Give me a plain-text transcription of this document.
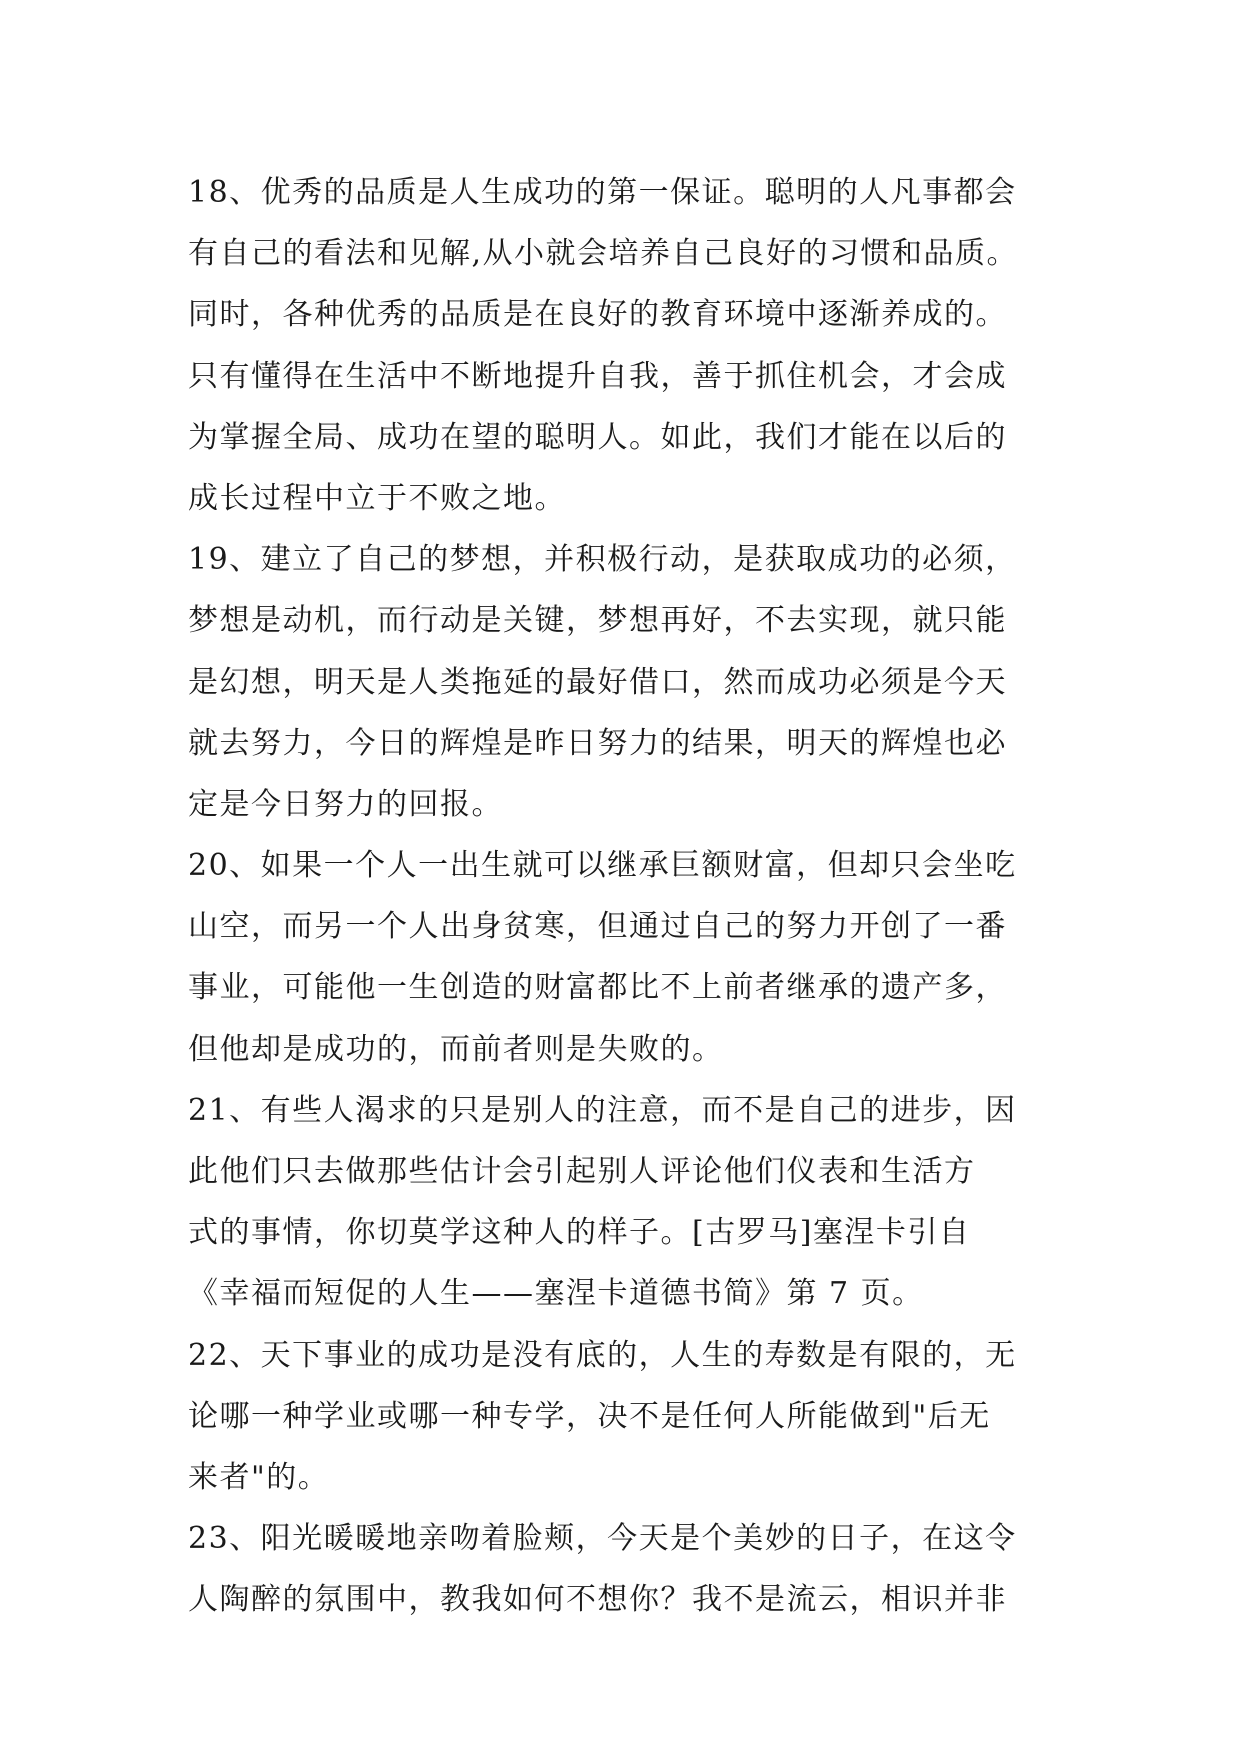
18、优秀的品质是人生成功的第一保证。聪明的人凡事都会
有自己的看法和见解,从小就会培养自己良好的习惯和品质。
同时，各种优秀的品质是在良好的教育环境中逐渐养成的。
只有懂得在生活中不断地提升自我，善于抓住机会，才会成
为掌握全局、成功在望的聪明人。如此，我们才能在以后的
成长过程中立于不败之地。
19、建立了自己的梦想，并积极行动，是获取成功的必须，
梦想是动机，而行动是关键，梦想再好，不去实现，就只能
是幻想，明天是人类拖延的最好借口，然而成功必须是今天
就去努力，今日的辉煌是昨日努力的结果，明天的辉煌也必
定是今日努力的回报。
20、如果一个人一出生就可以继承巨额财富，但却只会坐吃
山空，而另一个人出身贫寒，但通过自己的努力开创了一番
事业，可能他一生创造的财富都比不上前者继承的遗产多，
但他却是成功的，而前者则是失败的。
21、有些人渴求的只是别人的注意，而不是自己的进步，因
此他们只去做那些估计会引起别人评论他们仪表和生活方
式的事情，你切莫学这种人的样子。[古罗马]塞涅卡引自
《幸福而短促的人生——塞涅卡道德书简》第 7 页。
22、天下事业的成功是没有底的，人生的寿数是有限的，无
论哪一种学业或哪一种专学，决不是任何人所能做到"后无
来者"的。
23、阳光暖暖地亲吻着脸颊，今天是个美妙的日子，在这令
人陶醉的氛围中，教我如何不想你？我不是流云，相识并非
